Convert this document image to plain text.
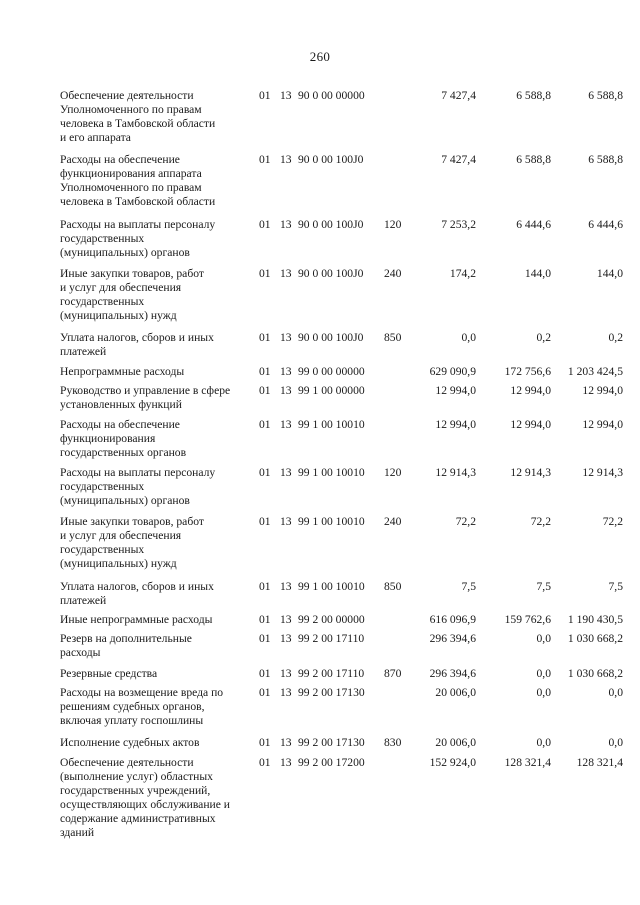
260
Обеспечение деятельности
Уполномоченного по правам
человека в Тамбовской области
и его аппарата
01 13 90 0 00 00000	7 427,4	6 588,8	6 588,8
Расходы на обеспечение
функционирования аппарата
Уполномоченного по правам
человека в Тамбовской области
01 13 90 0 00 100J0	7 427,4	6 588,8	6 588,8
Расходы на выплаты персоналу
государственных
(муниципальных) органов
01 13 90 0 00 100J0	120	7 253,2	6 444,6	6 444,6
Иные закупки товаров, работ
и услуг для обеспечения
государственных
(муниципальных) нужд
01 13 90 0 00 100J0	240	174,2	144,0	144,0
Уплата налогов, сборов и иных
платежей
01 13 90 0 00 100J0	850	0,0	0,2	0,2
Непрограммные расходы	01 13 99 0 00 00000	629 090,9	172 756,6	1 203 424,5
Руководство и управление в сфере
установленных функций
01 13 99 1 00 00000	12 994,0	12 994,0	12 994,0
Расходы на обеспечение
функционирования
государственных органов
01 13 99 1 00 10010	12 994,0	12 994,0	12 994,0
Расходы на выплаты персоналу
государственных
(муниципальных) органов
01 13 99 1 00 10010	120	12 914,3	12 914,3	12 914,3
Иные закупки товаров, работ
и услуг для обеспечения
государственных
(муниципальных) нужд
01 13 99 1 00 10010	240	72,2	72,2	72,2
Уплата налогов, сборов и иных
платежей
01 13 99 1 00 10010	850	7,5	7,5	7,5
Иные непрограммные расходы	01 13 99 2 00 00000	616 096,9	159 762,6	1 190 430,5
Резерв на дополнительные
расходы
01 13 99 2 00 17110	296 394,6	0,0	1 030 668,2
Резервные средства	01 13 99 2 00 17110	870	296 394,6	0,0	1 030 668,2
Расходы на возмещение вреда по
решениям судебных органов,
включая уплату госпошлины
01 13 99 2 00 17130	20 006,0	0,0	0,0
Исполнение судебных актов	01 13 99 2 00 17130	830	20 006,0	0,0	0,0
Обеспечение деятельности
(выполнение услуг) областных
государственных учреждений,
осуществляющих обслуживание и
содержание административных
зданий
01 13 99 2 00 17200	152 924,0	128 321,4	128 321,4
